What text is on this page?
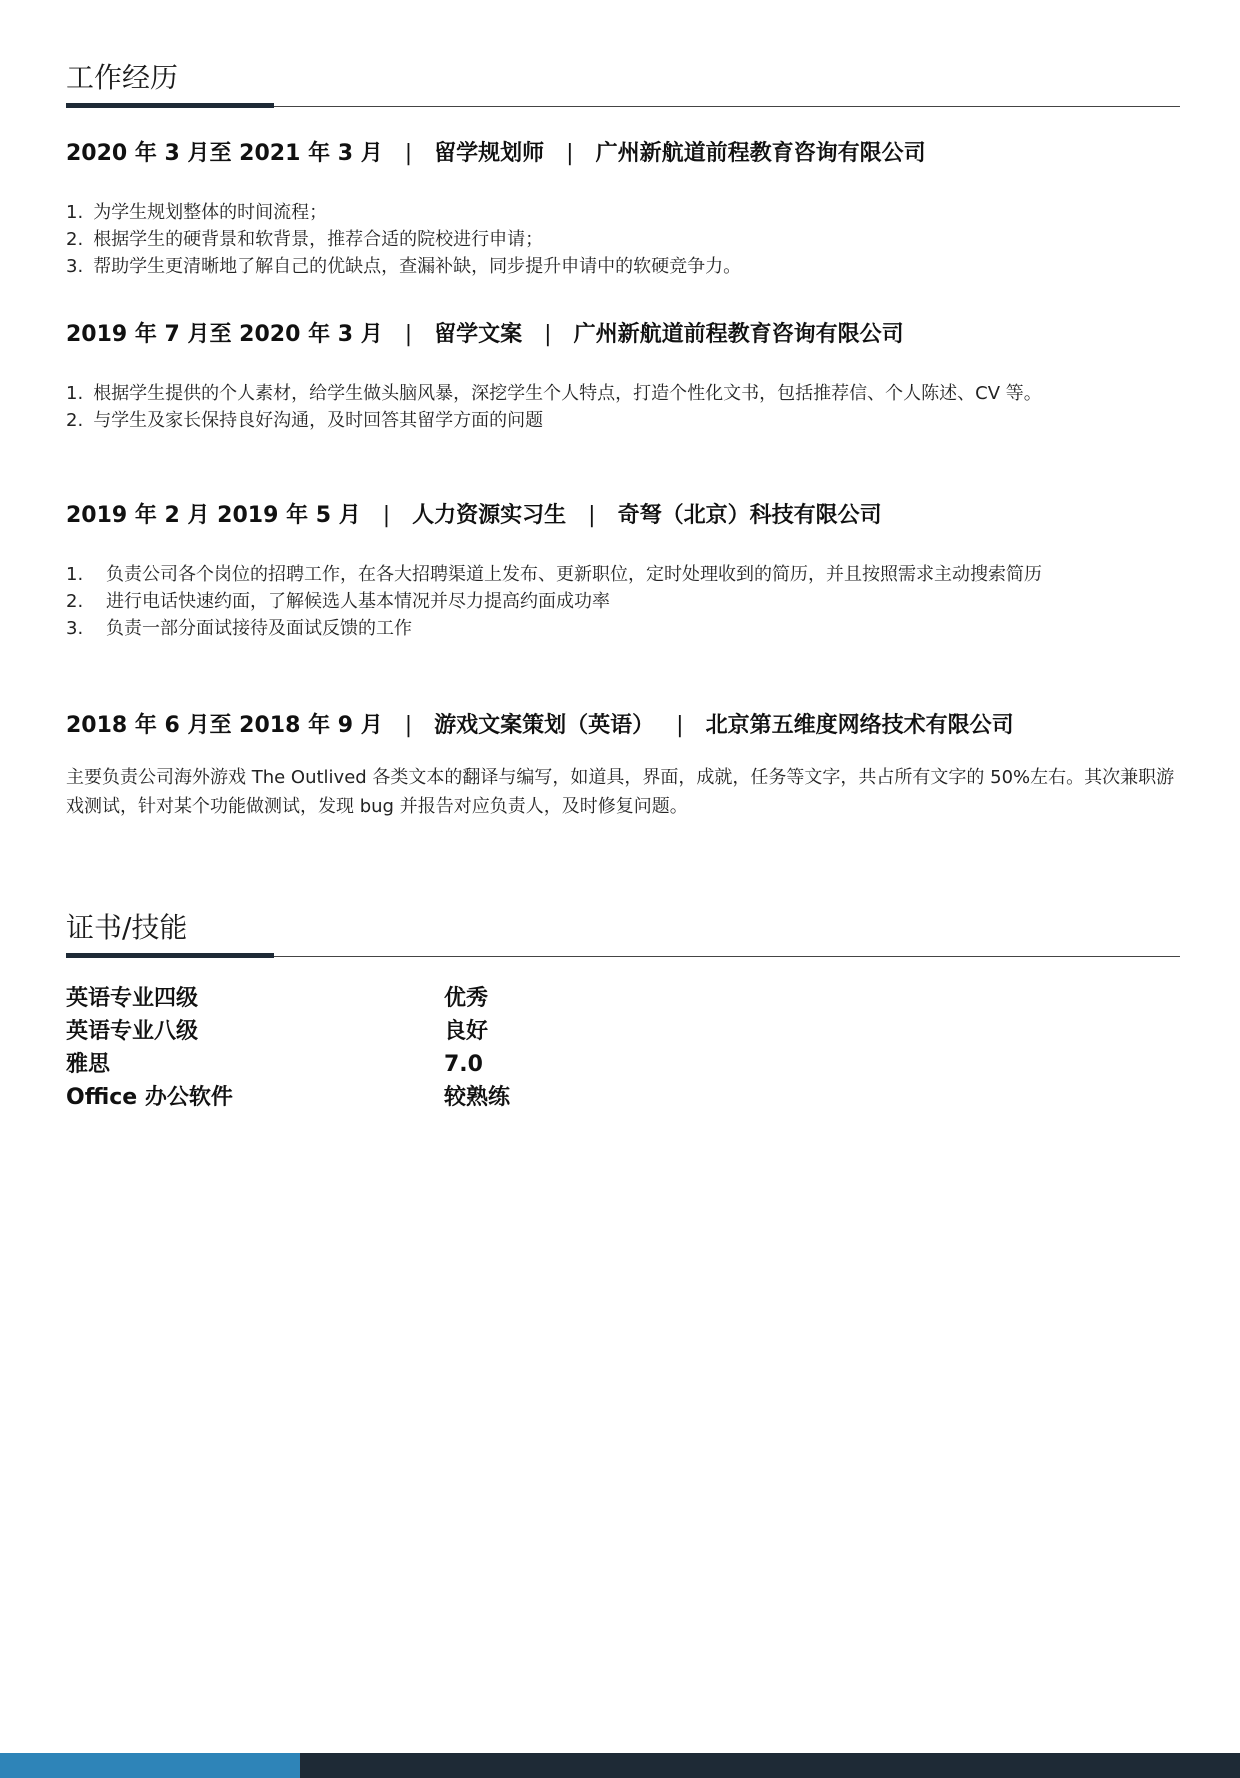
工作经历
2020 年 3 月至 2021 年 3 月 | 留学规划师 | 广州新航道前程教育咨询有限公司
1. 为学生规划整体的时间流程；
2. 根据学生的硬背景和软背景，推荐合适的院校进行申请；
3. 帮助学生更清晰地了解自己的优缺点，查漏补缺，同步提升申请中的软硬竞争力。
2019 年 7 月至 2020 年 3 月 | 留学文案 | 广州新航道前程教育咨询有限公司
1. 根据学生提供的个人素材，给学生做头脑风暴，深挖学生个人特点，打造个性化文书，包括推荐信、个人陈述、CV 等。
2. 与学生及家长保持良好沟通，及时回答其留学方面的问题
2019 年 2 月 2019 年 5 月 | 人力资源实习生 | 奇弩（北京）科技有限公司
1. 负责公司各个岗位的招聘工作，在各大招聘渠道上发布、更新职位，定时处理收到的简历，并且按照需求主动搜索简历
2. 进行电话快速约面，了解候选人基本情况并尽力提高约面成功率
3. 负责一部分面试接待及面试反馈的工作
2018 年 6 月至 2018 年 9 月 | 游戏文案策划（英语） | 北京第五维度网络技术有限公司
主要负责公司海外游戏 The Outlived 各类文本的翻译与编写，如道具，界面，成就，任务等文字，共占所有文字的 50%左右。其次兼职游戏测试，针对某个功能做测试，发现 bug 并报告对应负责人，及时修复问题。
证书/技能
英语专业四级	优秀
英语专业八级	良好
雅思	7.0
Office 办公软件	较熟练
